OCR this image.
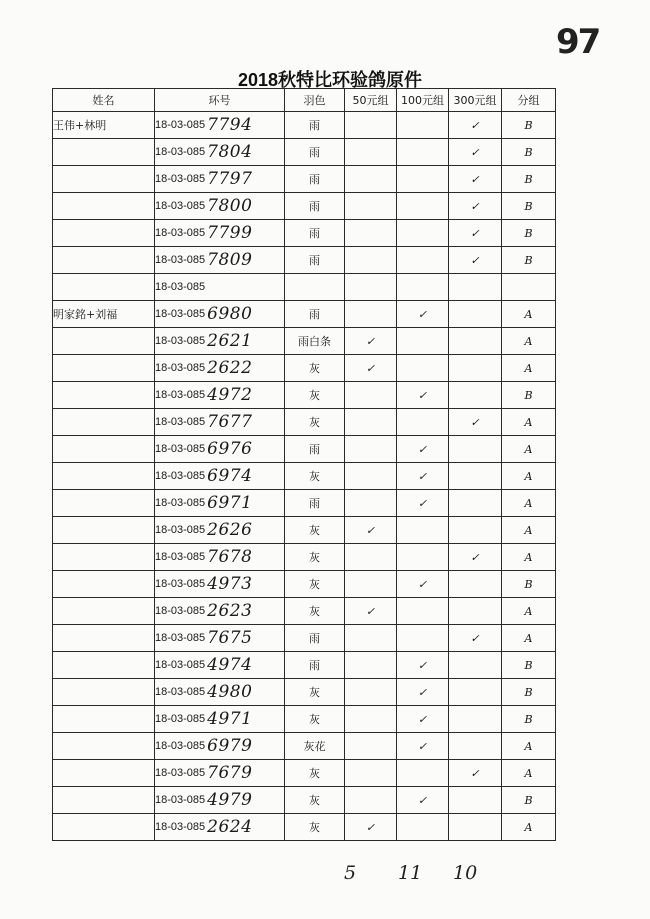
97
2018秋特比环验鸽原件
姓名	环号	羽色	50元组	100元组	300元组	分组
王伟+林明	18-03-085 7794	雨			✓	B
	18-03-085 7804	雨			✓	B
	18-03-085 7797	雨			✓	B
	18-03-085 7800	雨			✓	B
	18-03-085 7799	雨			✓	B
	18-03-085 7809	雨			✓	B
	18-03-085					
明家銘+刘福	18-03-085 6980	雨		✓		A
	18-03-085 2621	雨白条	✓			A
	18-03-085 2622	灰	✓			A
	18-03-085 4972	灰		✓		B
	18-03-085 7677	灰			✓	A
	18-03-085 6976	雨		✓		A
	18-03-085 6974	灰		✓		A
	18-03-085 6971	雨		✓		A
	18-03-085 2626	灰	✓			A
	18-03-085 7678	灰			✓	A
	18-03-085 4973	灰		✓		B
	18-03-085 2623	灰	✓			A
	18-03-085 7675	雨			✓	A
	18-03-085 4974	雨		✓		B
	18-03-085 4980	灰		✓		B
	18-03-085 4971	灰		✓		B
	18-03-085 6979	灰花		✓		A
	18-03-085 7679	灰			✓	A
	18-03-085 4979	灰		✓		B
	18-03-085 2624	灰	✓			A
5 11 10
